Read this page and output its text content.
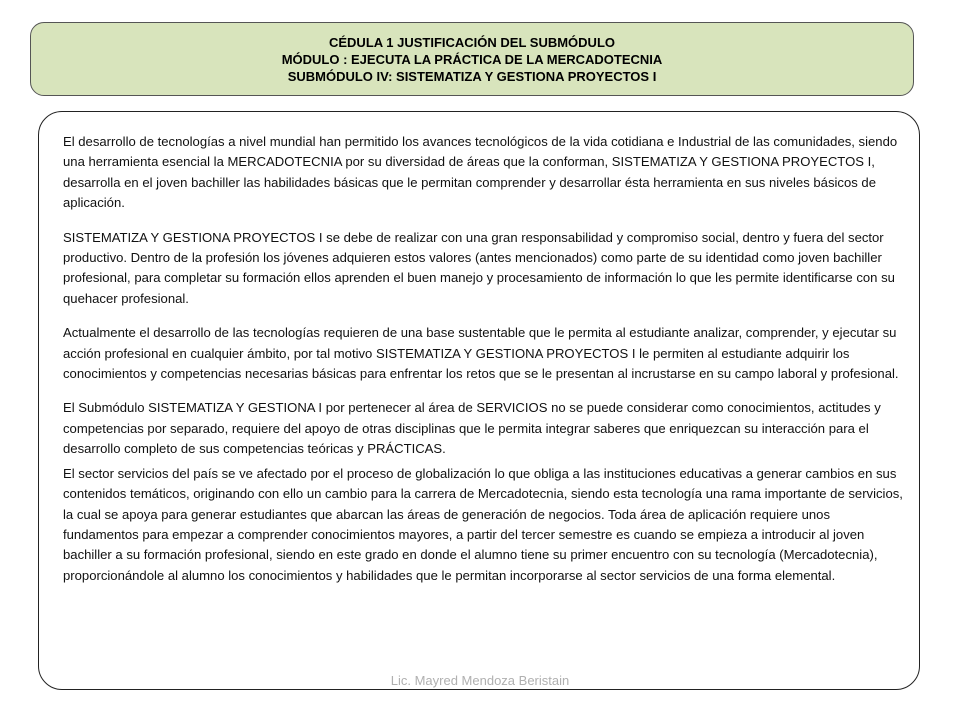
CÉDULA 1 JUSTIFICACIÓN DEL SUBMÓDULO
MÓDULO : EJECUTA LA PRÁCTICA DE LA MERCADOTECNIA
SUBMÓDULO IV: SISTEMATIZA Y GESTIONA PROYECTOS I

El desarrollo de tecnologías a nivel mundial han permitido los avances tecnológicos de la vida cotidiana e Industrial de las comunidades, siendo una herramienta esencial la MERCADOTECNIA por su diversidad de áreas que la conforman, SISTEMATIZA Y GESTIONA PROYECTOS I, desarrolla en el joven bachiller las habilidades básicas que le permitan comprender y desarrollar ésta herramienta en sus niveles básicos de aplicación.

SISTEMATIZA Y GESTIONA PROYECTOS I se debe de realizar con una gran responsabilidad y compromiso social, dentro y fuera del sector productivo. Dentro de la profesión los jóvenes adquieren estos valores (antes mencionados) como parte de su identidad como joven bachiller profesional, para completar su formación ellos aprenden el buen manejo y procesamiento de información lo que les permite identificarse con su quehacer profesional.

Actualmente el desarrollo de las tecnologías requieren de una base sustentable que le permita al estudiante analizar, comprender, y ejecutar su acción profesional en cualquier ámbito, por tal motivo SISTEMATIZA Y GESTIONA PROYECTOS I le permiten al estudiante adquirir los conocimientos y competencias necesarias básicas para enfrentar los retos que se le presentan al incrustarse en su campo laboral y profesional.

El Submódulo SISTEMATIZA Y GESTIONA I por pertenecer al área de SERVICIOS no se puede considerar como conocimientos, actitudes y competencias por separado, requiere del apoyo de otras disciplinas que le permita integrar saberes que enriquezcan su interacción para el desarrollo completo de sus competencias teóricas y PRÁCTICAS.

El sector servicios del país se ve afectado por el proceso de globalización lo que obliga a las instituciones educativas a generar cambios en sus contenidos temáticos, originando con ello un cambio para la carrera de Mercadotecnia, siendo esta tecnología una rama importante de servicios, la cual se apoya para generar estudiantes que abarcan las áreas de generación de negocios. Toda área de aplicación requiere unos fundamentos para empezar a comprender conocimientos mayores, a partir del tercer semestre es cuando se empieza a introducir al joven bachiller a su formación profesional, siendo en este grado en donde el alumno tiene su primer encuentro con su tecnología (Mercadotecnia), proporcionándole al alumno los conocimientos y habilidades que le permitan incorporarse al sector servicios de una forma elemental.

Lic. Mayred Mendoza Beristain
